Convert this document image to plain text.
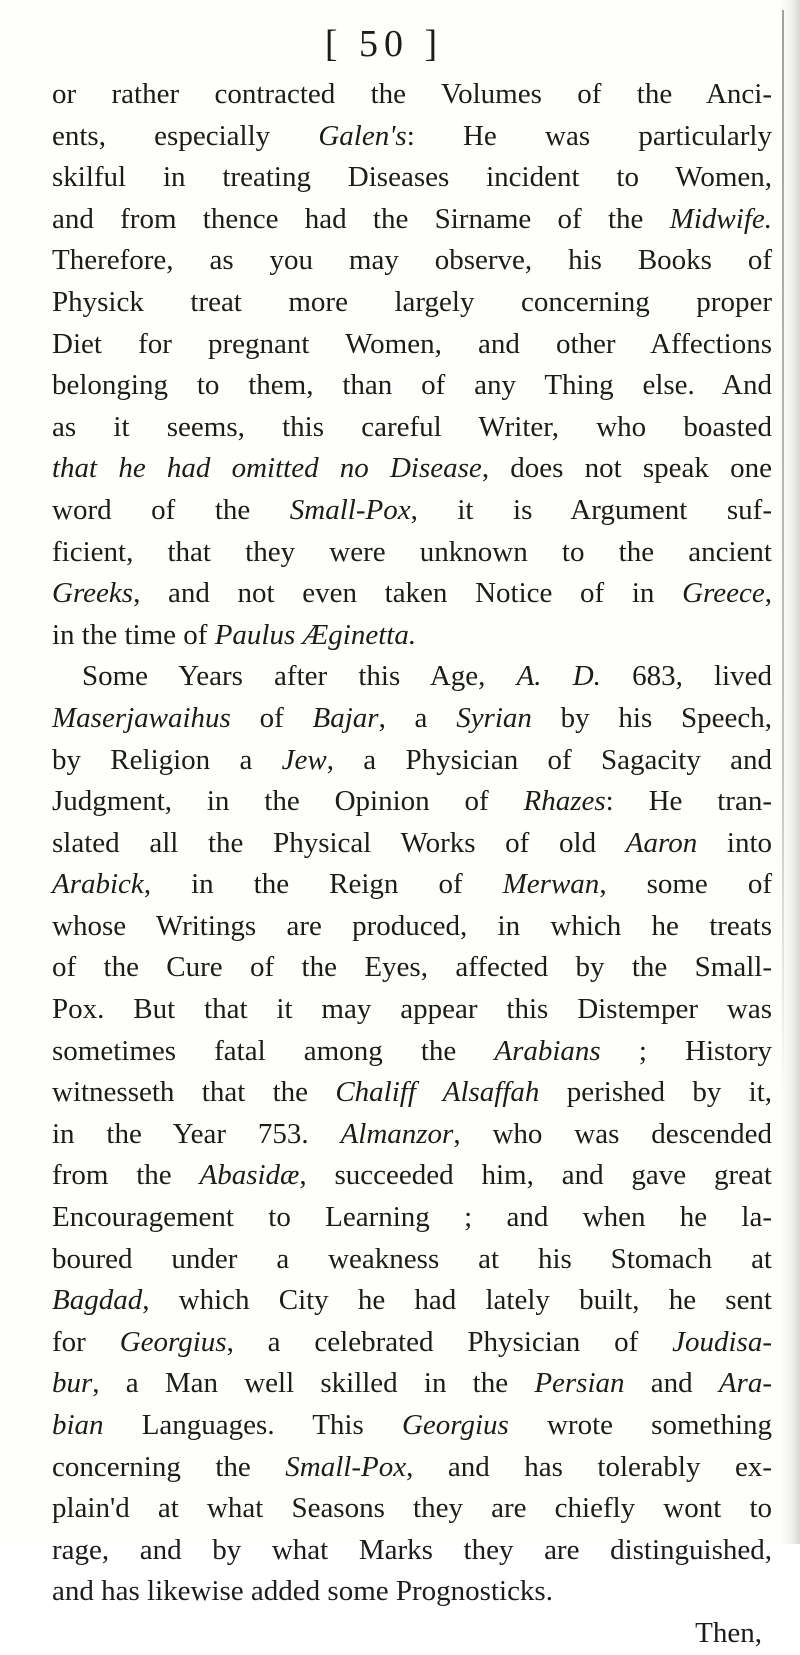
[ 50 ]
or rather contracted the Volumes of the Anci-
ents, especially Galen's: He was particularly
skilful in treating Diseases incident to Women,
and from thence had the Sirname of the Midwife.
Therefore, as you may observe, his Books of
Physick treat more largely concerning proper
Diet for pregnant Women, and other Affections
belonging to them, than of any Thing else. And
as it seems, this careful Writer, who boasted
that he had omitted no Disease, does not speak one
word of the Small-Pox, it is Argument suf-
ficient, that they were unknown to the ancient
Greeks, and not even taken Notice of in Greece,
in the time of Paulus Æginetta.
Some Years after this Age, A. D. 683, lived
Maserjawaihus of Bajar, a Syrian by his Speech,
by Religion a Jew, a Physician of Sagacity and
Judgment, in the Opinion of Rhazes: He tran-
slated all the Physical Works of old Aaron into
Arabick, in the Reign of Merwan, some of
whose Writings are produced, in which he treats
of the Cure of the Eyes, affected by the Small-
Pox. But that it may appear this Distemper was
sometimes fatal among the Arabians ; History
witnesseth that the Chaliff Alsaffah perished by it,
in the Year 753. Almanzor, who was descended
from the Abasidæ, succeeded him, and gave great
Encouragement to Learning ; and when he la-
boured under a weakness at his Stomach at
Bagdad, which City he had lately built, he sent
for Georgius, a celebrated Physician of Joudisa-
bur, a Man well skilled in the Persian and Ara-
bian Languages. This Georgius wrote something
concerning the Small-Pox, and has tolerably ex-
plain'd at what Seasons they are chiefly wont to
rage, and by what Marks they are distinguished,
and has likewise added some Prognosticks.
Then,
